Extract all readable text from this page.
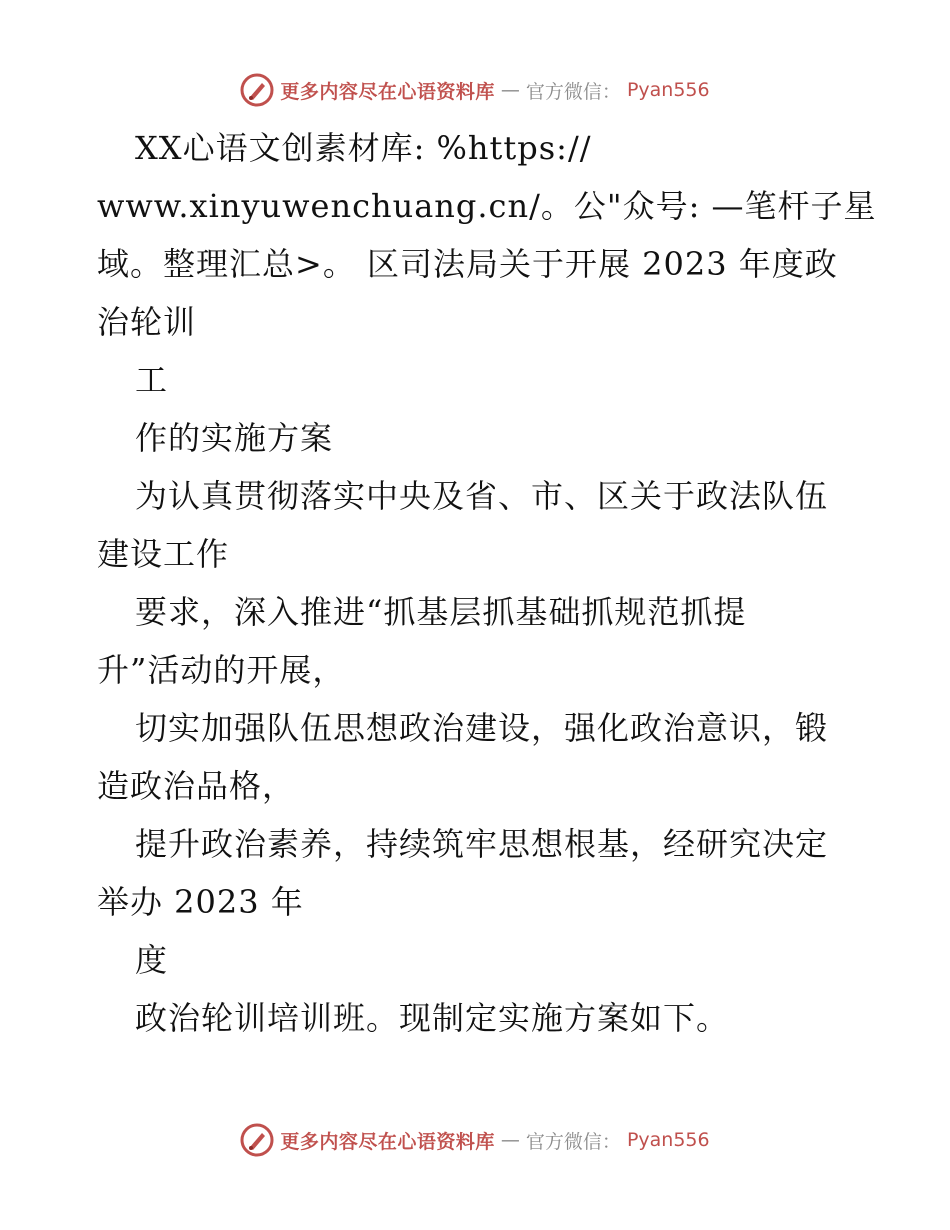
更多内容尽在心语资料库 — 官方微信： Pyan556
XX心语文创素材库: %https://
www.xinyuwenchuang.cn/。公"众号: —笔杆子星
域。整理汇总>。 区司法局关于开展 2023 年度政
治轮训
工
作的实施方案
为认真贯彻落实中央及省、市、区关于政法队伍
建设工作
要求，深入推进“抓基层抓基础抓规范抓提
升”活动的开展，
切实加强队伍思想政治建设，强化政治意识，锻
造政治品格，
提升政治素养，持续筑牢思想根基，经研究决定
举办 2023 年
度
政治轮训培训班。现制定实施方案如下。
更多内容尽在心语资料库 — 官方微信： Pyan556
